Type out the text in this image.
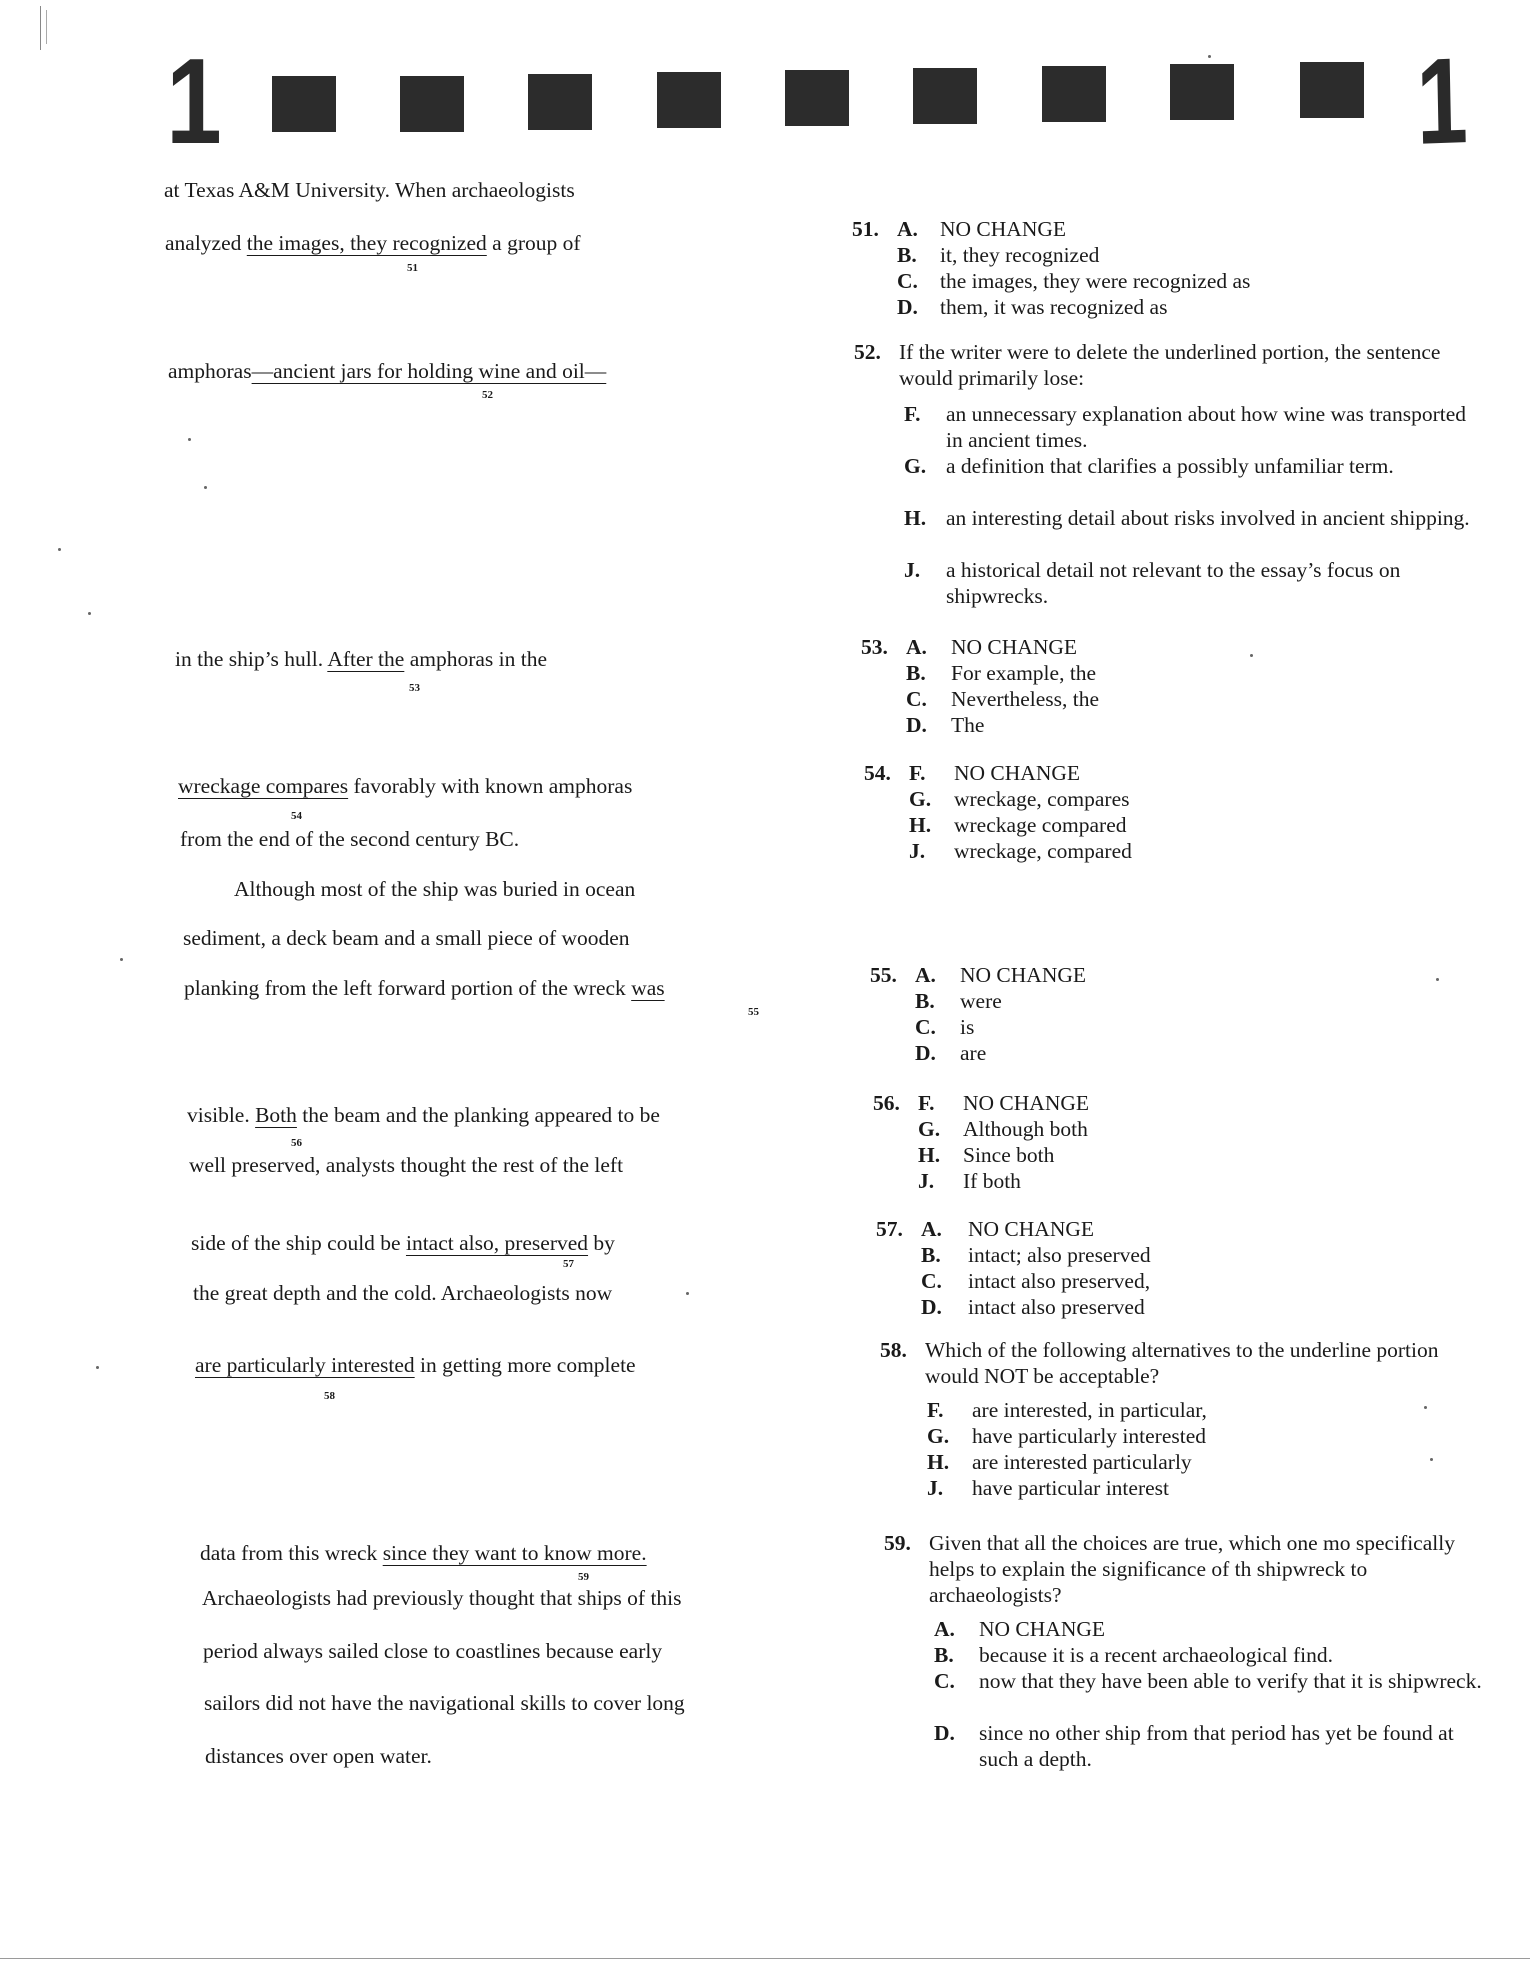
1	1
at Texas A&M University. When archaeologists
analyzed the images, they recognized a group of
51
amphoras—ancient jars for holding wine and oil—
52
in the ship’s hull. After the amphoras in the
53
wreckage compares favorably with known amphoras
54
from the end of the second century BC.
Although most of the ship was buried in ocean
sediment, a deck beam and a small piece of wooden
planking from the left forward portion of the wreck was
55
visible. Both the beam and the planking appeared to be
56
well preserved, analysts thought the rest of the left
side of the ship could be intact also, preserved by
57
the great depth and the cold. Archaeologists now
are particularly interested in getting more complete
58
data from this wreck since they want to know more.
59
Archaeologists had previously thought that ships of this
period always sailed close to coastlines because early
sailors did not have the navigational skills to cover long
distances over open water.
51. A. NO CHANGE
B. it, they recognized
C. the images, they were recognized as
D. them, it was recognized as
52. If the writer were to delete the underlined portion, the sentence would primarily lose:
F. an unnecessary explanation about how wine was transported in ancient times.
G. a definition that clarifies a possibly unfamiliar term.
H. an interesting detail about risks involved in ancient shipping.
J. a historical detail not relevant to the essay’s focus on shipwrecks.
53. A. NO CHANGE
B. For example, the
C. Nevertheless, the
D. The
54. F. NO CHANGE
G. wreckage, compares
H. wreckage compared
J. wreckage, compared
55. A. NO CHANGE
B. were
C. is
D. are
56. F. NO CHANGE
G. Although both
H. Since both
J. If both
57. A. NO CHANGE
B. intact; also preserved
C. intact also preserved,
D. intact also preserved
58. Which of the following alternatives to the underline portion would NOT be acceptable?
F. are interested, in particular,
G. have particularly interested
H. are interested particularly
J. have particular interest
59. Given that all the choices are true, which one mo specifically helps to explain the significance of th shipwreck to archaeologists?
A. NO CHANGE
B. because it is a recent archaeological find.
C. now that they have been able to verify that it is shipwreck.
D. since no other ship from that period has yet be found at such a depth.
